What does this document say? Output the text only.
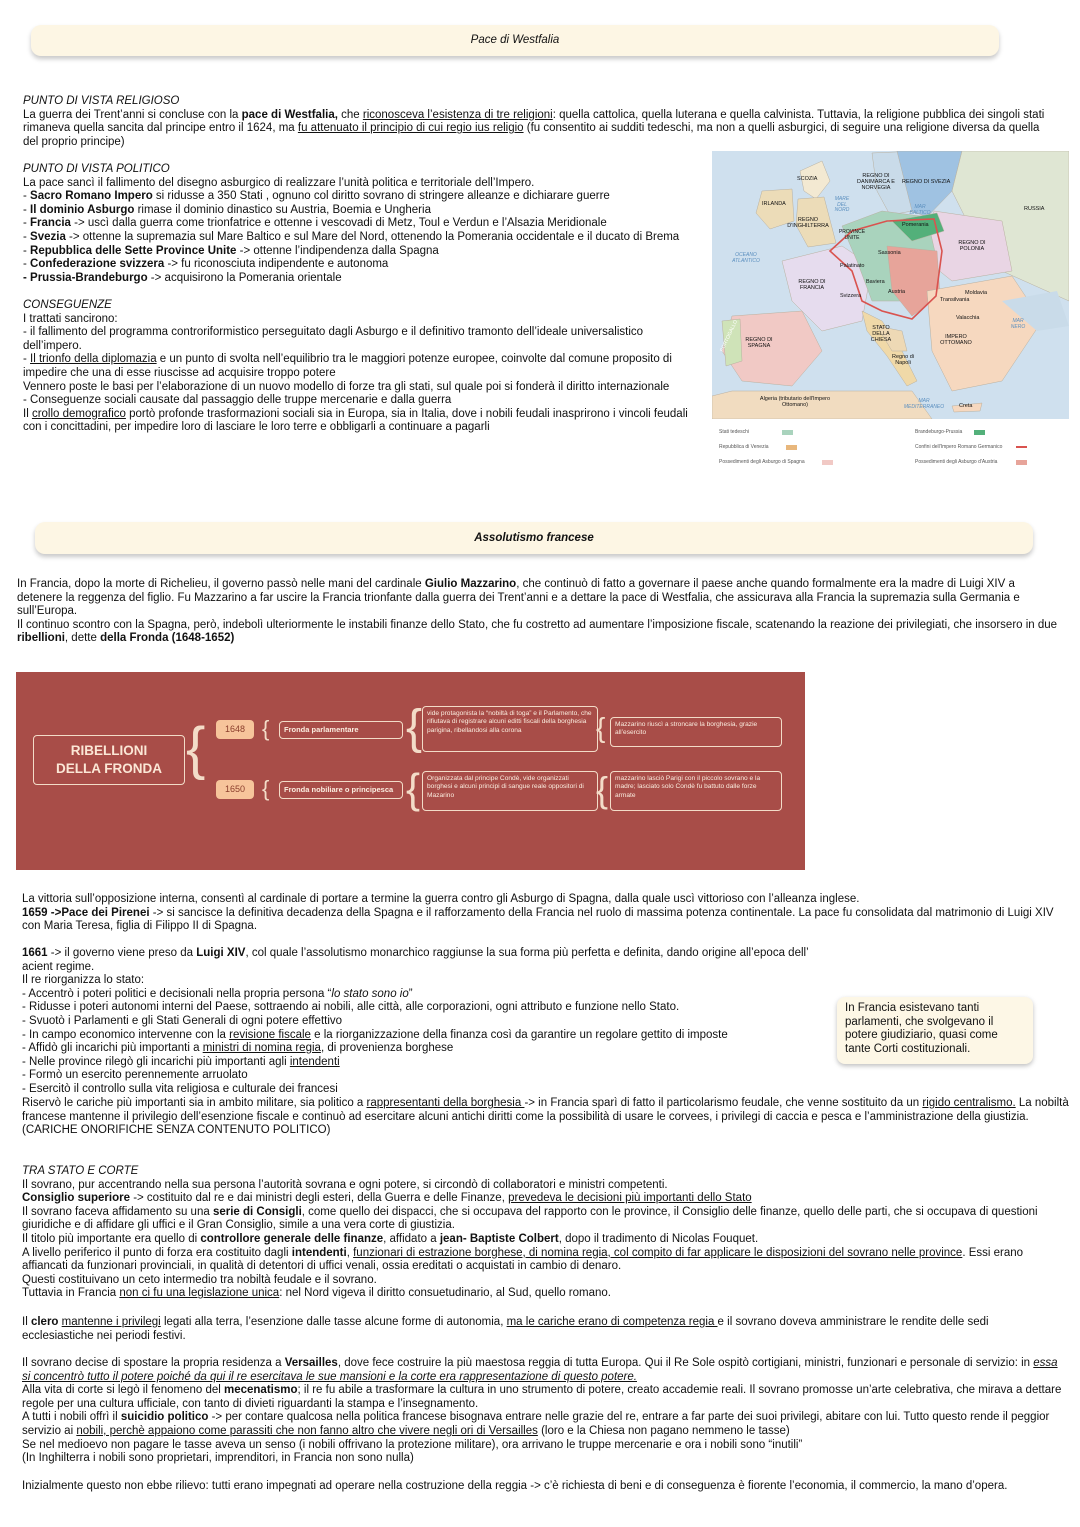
Pace di Westfalia

PUNTO DI VISTA RELIGIOSO

La guerra dei Trent’anni si concluse con la pace di Westfalia, che riconosceva l’esistenza di tre religioni: quella cattolica, quella luterana e quella calvinista. Tuttavia, la religione pubblica dei singoli stati rimaneva quella sancita dal principe entro il 1624, ma fu attenuato il principio di cui regio ius religio (fu consentito ai sudditi tedeschi, ma non a quelli asburgici, di seguire una religione diversa da quella del proprio principe)

PUNTO DI VISTA POLITICO

La pace sancì il fallimento del disegno asburgico di realizzare l’unità politica e territoriale dell’Impero.

- Sacro Romano Impero si ridusse a 350 Stati , ognuno col diritto sovrano di stringere alleanze e dichiarare guerre

- Il dominio Asburgo rimase il dominio dinastico su Austria, Boemia e Ungheria

- Francia -> uscì dalla guerra come trionfatrice e ottenne i vescovadi di Metz, Toul e Verdun e l’Alsazia Meridionale

- Svezia -> ottenne la supremazia sul Mare Baltico e sul Mare del Nord, ottenendo la Pomerania occidentale e il ducato di Brema

- Repubblica delle Sette Province Unite -> ottenne l’indipendenza dalla Spagna

- Confederazione svizzera -> fu riconosciuta indipendente e autonoma

- Prussia-Brandeburgo -> acquisirono la Pomerania orientale

CONSEGUENZE

I trattati sancirono:

- il fallimento del programma controriformistico perseguitato dagli Asburgo e il definitivo tramonto dell’ideale universalistico dell’impero.

- Il trionfo della diplomazia e un punto di svolta nell’equilibrio tra le maggiori potenze europee, coinvolte dal comune proposito di impedire che una di esse riuscisse ad acquisire troppo potere

Vennero poste le basi per l’elaborazione di un nuovo modello di forze tra gli stati, sul quale poi si fonderà il diritto internazionale

- Conseguenze sociali causate dal passaggio delle truppe mercenarie e dalla guerra

Il crollo demografico portò profonde trasformazioni sociali sia in Europa, sia in Italia, dove i nobili feudali inasprirono i vincoli feudali con i concittadini, per impedire loro di lasciare le loro terre e obbligarli a continuare a pagarli

SCOZIA	REGNO DI DANIMARCA E NORVEGIA
REGNO DI SVEZIA
IRLANDA
MARE DEL NORD	MAR BALTICO
RUSSIA
REGNO D'INGHILTERRA
PROVINCE UNITE
Pomerania
OCEANO ATLANTICO
Sassonia
REGNO DI POLONIA
Palatinato
REGNO DI FRANCIA
Baviera
Austria
Svizzera	Moldavia
Transilvania
Valacchia	MAR NERO
PORTOGALLO	REGNO DI SPAGNA
STATO DELLA CHIESA	IMPERO OTTOMANO
Regno di Napoli
Algeria (tributario dell'Impero Ottomano)
MAR MEDITERRANEO	Creta
Stati tedeschi	Brandeburgo-Prussia
Repubblica di Venezia	Confini dell'Impero Romano Germanico
Possedimenti degli Asburgo di Spagna	Possedimenti degli Asburgo d'Austria
Assolutismo francese

In Francia, dopo la morte di Richelieu, il governo passò nelle mani del cardinale Giulio Mazzarino, che continuò di fatto a governare il paese anche quando formalmente era la madre di Luigi XIV a detenere la reggenza del figlio. Fu Mazzarino a far uscire la Francia trionfante dalla guerra dei Trent’anni e a dettare la pace di Westfalia, che assicurava alla Francia la supremazia sulla Germania e sull’Europa.

Il continuo scontro con la Spagna, però, indebolì ulteriormente le instabili finanze dello Stato, che fu costretto ad aumentare l’imposizione fiscale, scatenando la reazione dei privilegiati, che insorsero in due ribellioni, dette della Fronda (1648-1652)

RIBELLIONI DELLA FRONDA {	1648 {	Fronda parlamentare { vide protagonista la “nobiltà di toga” e il Parlamento, che rifiutava di registrare alcuni editti fiscali della borghesia parigina, ribellandosi alla corona	{	Mazzarino riuscì a stroncare la borghesia, grazie all’esercito
1650 {	Fronda nobiliare o principesca {	Organizzata dal principe Condè, vide organizzati borghesi e alcuni principi di sangue reale oppositori di Mazarino	{	mazzarino lasciò Parigi con il piccolo sovrano e la madre; lasciato solo Condè fu battuto dalle forze armate

La vittoria sull’opposizione interna, consentì al cardinale di portare a termine la guerra contro gli Asburgo di Spagna, dalla quale uscì vittorioso con l’alleanza inglese.

1659 ->Pace dei Pirenei -> si sancisce la definitiva decadenza della Spagna e il rafforzamento della Francia nel ruolo di massima potenza continentale. La pace fu consolidata dal matrimonio di Luigi XIV con Maria Teresa, figlia di Filippo II di Spagna.

1661 -> il governo viene preso da Luigi XIV, col quale l’assolutismo monarchico raggiunse la sua forma più perfetta e definita, dando origine all’epoca dell’ acient regime.

Il re riorganizza lo stato:

- Accentrò i poteri politici e decisionali nella propria persona “lo stato sono io”

- Ridusse i poteri autonomi interni del Paese, sottraendo ai nobili, alle città, alle corporazioni, ogni attributo e funzione nello Stato.

- Svuotò i Parlamenti e gli Stati Generali di ogni potere effettivo

- In campo economico intervenne con la revisione fiscale e la riorganizzazione della finanza così da garantire un regolare gettito di imposte

- Affidò gli incarichi più importanti a ministri di nomina regia, di provenienza borghese

- Nelle province rilegò gli incarichi più importanti agli intendenti

- Formò un esercito perennemente arruolato

- Esercitò il controllo sulla vita religiosa e culturale dei francesi

In Francia esistevano tanti parlamenti, che svolgevano il potere giudiziario, quasi come tante Corti costituzionali.

Riservò le cariche più importanti sia in ambito militare, sia politico a rappresentanti della borghesia -> in Francia sparì di fatto il particolarismo feudale, che venne sostituito da un rigido centralismo. La nobiltà francese mantenne il privilegio dell’esenzione fiscale e continuò ad esercitare alcuni antichi diritti come la possibilità di usare le corvees, i privilegi di caccia e pesca e l’amministrazione della giustizia. (CARICHE ONORIFICHE SENZA CONTENUTO POLITICO)

TRA STATO E CORTE

Il sovrano, pur accentrando nella sua persona l’autorità sovrana e ogni potere, si circondò di collaboratori e ministri competenti.

Consiglio superiore -> costituito dal re e dai ministri degli esteri, della Guerra e delle Finanze, prevedeva le decisioni più importanti dello Stato

Il sovrano faceva affidamento su una serie di Consigli, come quello dei dispacci, che si occupava del rapporto con le province, il Consiglio delle finanze, quello delle parti, che si occupava di questioni giuridiche e di affidare gli uffici e il Gran Consiglio, simile a una vera corte di giustizia.

Il titolo più importante era quello di controllore generale delle finanze, affidato a jean- Baptiste Colbert, dopo il tradimento di Nicolas Fouquet.

A livello periferico il punto di forza era costituito dagli intendenti, funzionari di estrazione borghese, di nomina regia, col compito di far applicare le disposizioni del sovrano nelle province. Essi erano affiancati da funzionari provinciali, in qualità di detentori di uffici venali, ossia ereditati o acquistati in cambio di denaro.

Questi costituivano un ceto intermedio tra nobiltà feudale e il sovrano.

Tuttavia in Francia non ci fu una legislazione unica: nel Nord vigeva il diritto consuetudinario, al Sud, quello romano.

Il clero mantenne i privilegi legati alla terra, l’esenzione dalle tasse alcune forme di autonomia, ma le cariche erano di competenza regia e il sovrano doveva amministrare le rendite delle sedi ecclesiastiche nei periodi festivi.

Il sovrano decise di spostare la propria residenza a Versailles, dove fece costruire la più maestosa reggia di tutta Europa. Qui il Re Sole ospitò cortigiani, ministri, funzionari e personale di servizio: in essa si concentrò tutto il potere poiché da qui il re esercitava le sue mansioni e la corte era rappresentazione di questo potere.

Alla vita di corte si legò il fenomeno del mecenatismo; il re fu abile a trasformare la cultura in uno strumento di potere, creato accademie reali. Il sovrano promosse un’arte celebrativa, che mirava a dettare regole per una cultura ufficiale, con tanto di divieti riguardanti la stampa e l’insegnamento.

A tutti i nobili offrì il suicidio politico -> per contare qualcosa nella politica francese bisognava entrare nelle grazie del re, entrare a far parte dei suoi privilegi, abitare con lui. Tutto questo rende il peggior servizio ai nobili, perchè appaiono come parassiti che non fanno altro che vivere negli ori di Versailles (loro e la Chiesa non pagano nemmeno le tasse)

Se nel medioevo non pagare le tasse aveva un senso (i nobili offrivano la protezione militare), ora arrivano le truppe mercenarie e ora i nobili sono “inutili”

(In Inghilterra i nobili sono proprietari, imprenditori, in Francia non sono nulla)

Inizialmente questo non ebbe rilievo: tutti erano impegnati ad operare nella costruzione della reggia -> c’è richiesta di beni e di conseguenza è fiorente l’economia, il commercio, la mano d’opera.
